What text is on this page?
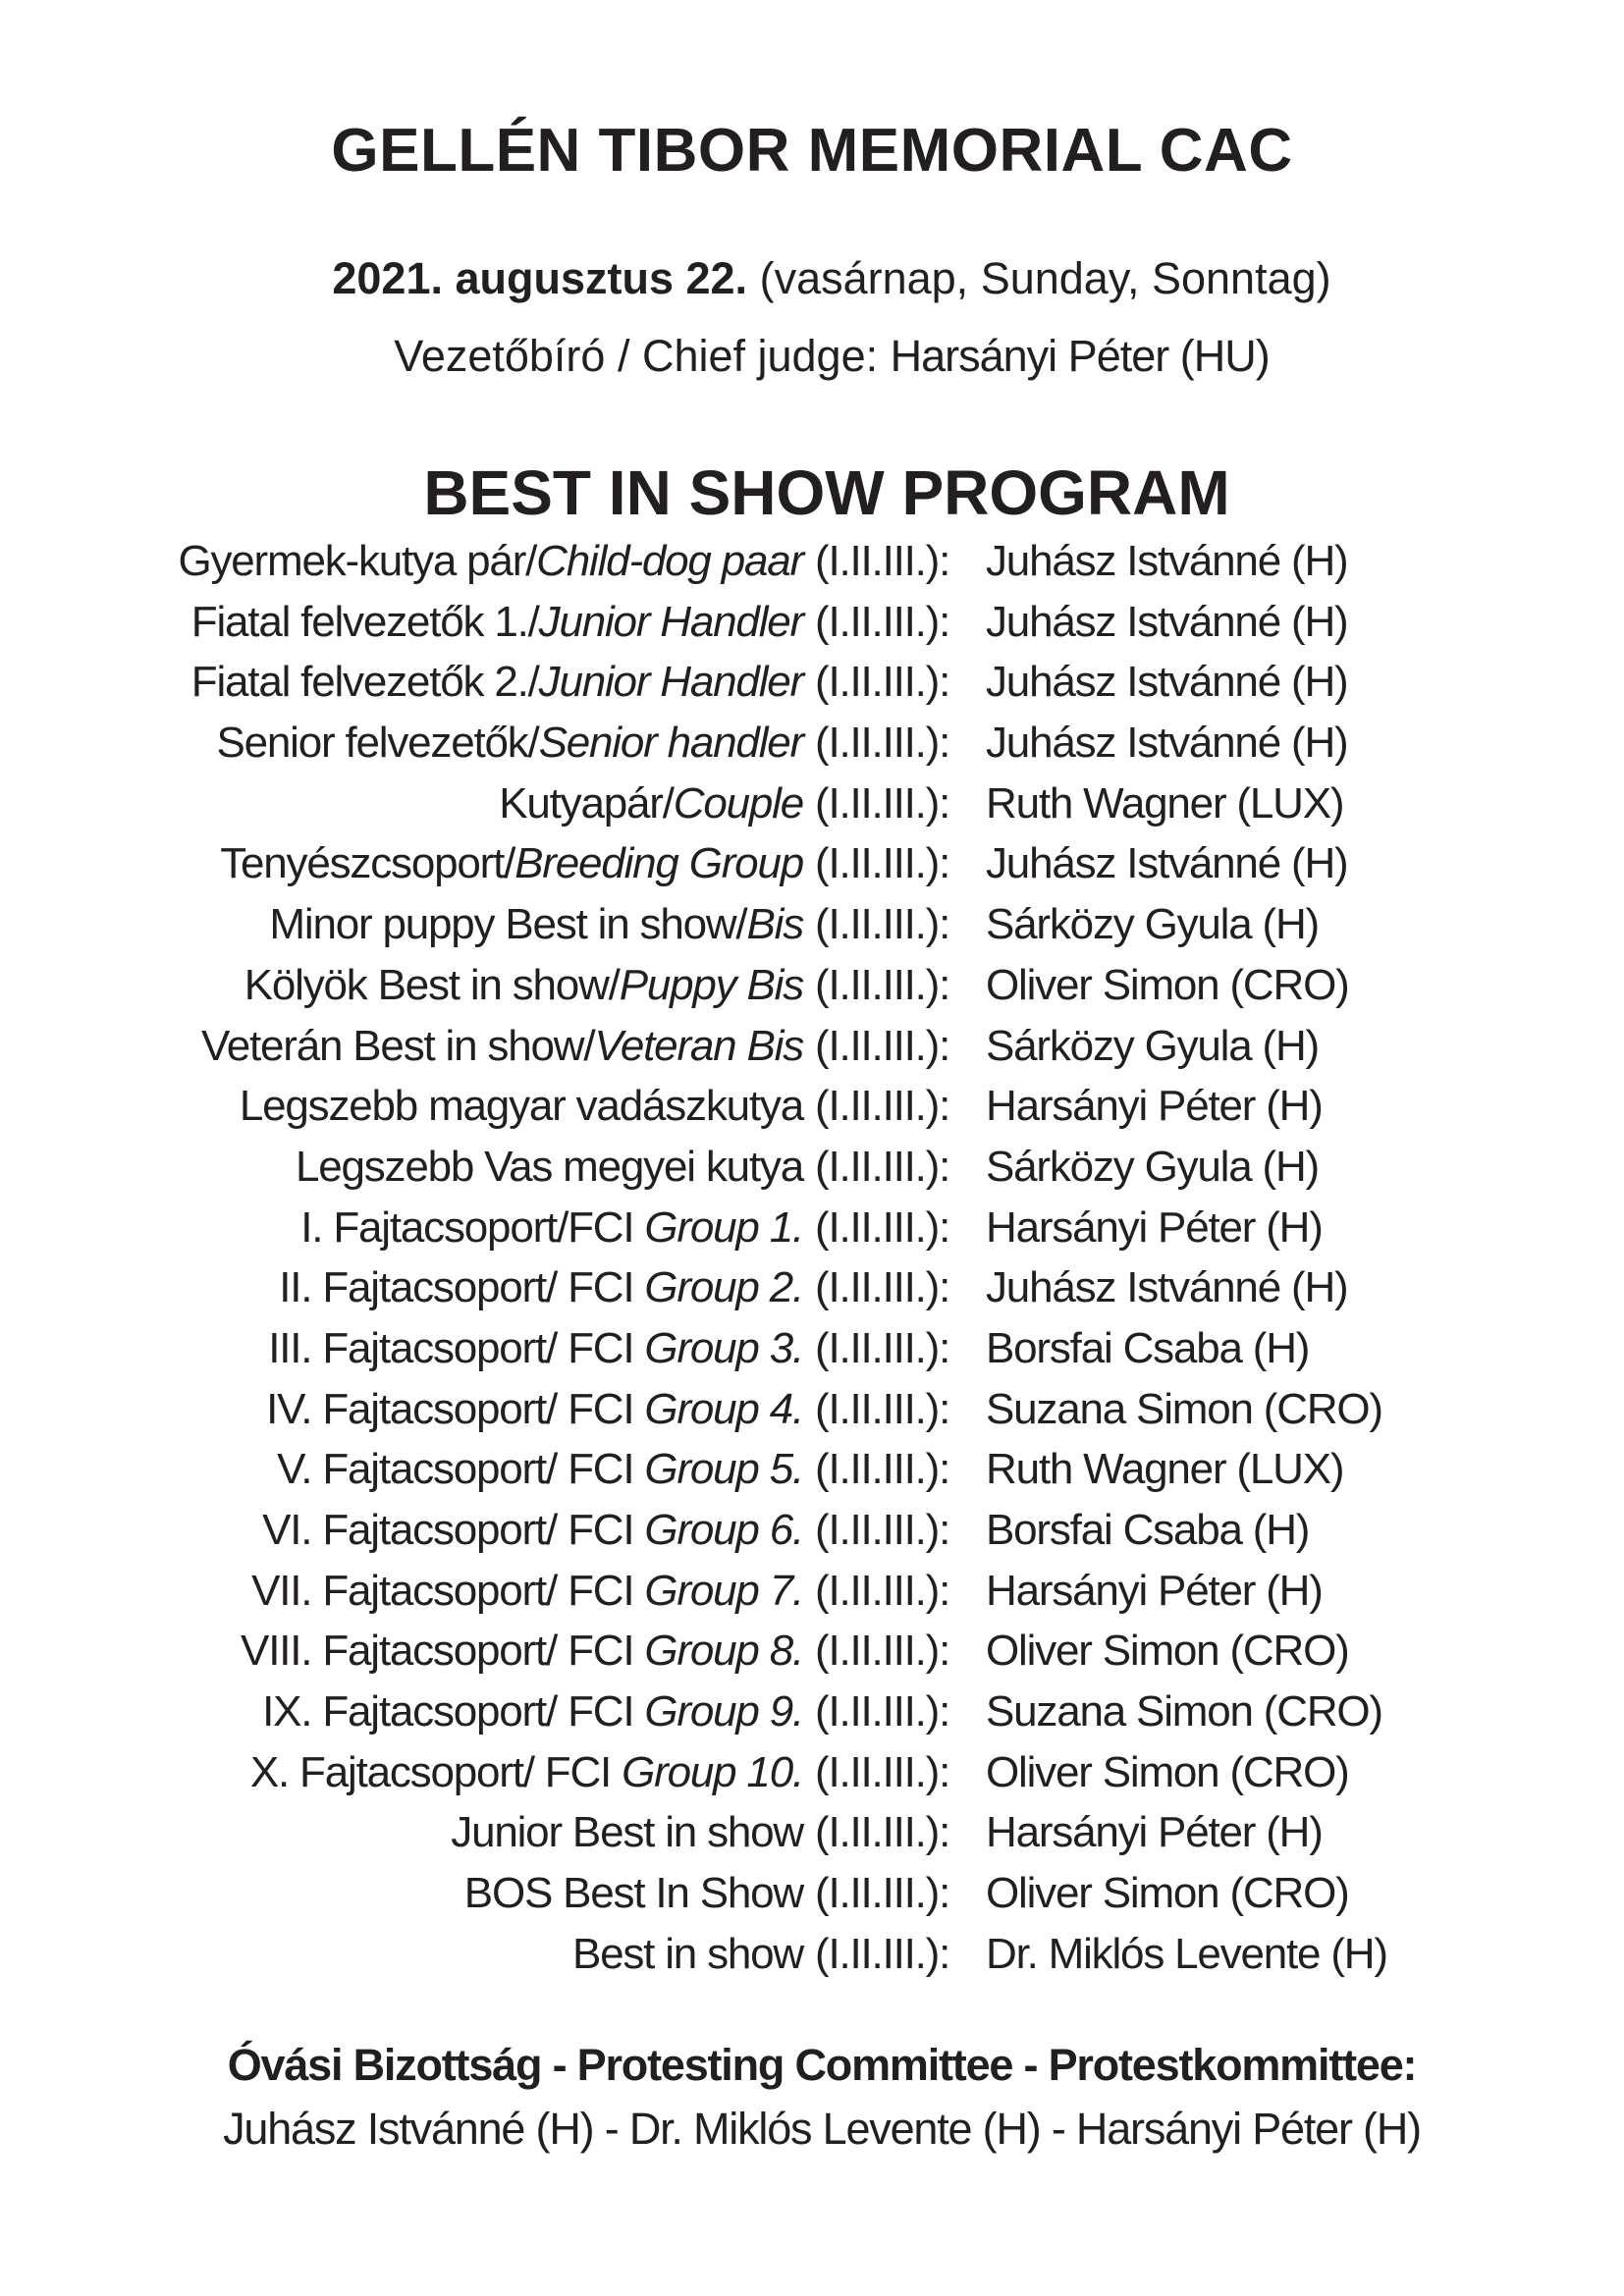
GELLÉN TIBOR MEMORIAL CAC
2021. augusztus 22. (vasárnap, Sunday, Sonntag)
Vezetőbíró / Chief judge: Harsányi Péter (HU)
BEST IN SHOW PROGRAM
Gyermek-kutya pár/Child-dog paar (I.II.III.): Juhász Istvánné (H)
Fiatal felvezetők 1./Junior Handler (I.II.III.): Juhász Istvánné (H)
Fiatal felvezetők 2./Junior Handler (I.II.III.): Juhász Istvánné (H)
Senior felvezetők/Senior handler (I.II.III.): Juhász Istvánné (H)
Kutyapár/Couple (I.II.III.): Ruth Wagner (LUX)
Tenyészcsoport/Breeding Group (I.II.III.): Juhász Istvánné (H)
Minor puppy Best in show/Bis (I.II.III.): Sárközy Gyula (H)
Kölyök Best in show/Puppy Bis (I.II.III.): Oliver Simon (CRO)
Veterán Best in show/Veteran Bis (I.II.III.): Sárközy Gyula (H)
Legszebb magyar vadászkutya (I.II.III.): Harsányi Péter (H)
Legszebb Vas megyei kutya (I.II.III.): Sárközy Gyula (H)
I. Fajtacsoport/FCI Group 1. (I.II.III.): Harsányi Péter (H)
II. Fajtacsoport/ FCI Group 2. (I.II.III.): Juhász Istvánné (H)
III. Fajtacsoport/ FCI Group 3. (I.II.III.): Borsfai Csaba (H)
IV. Fajtacsoport/ FCI Group 4. (I.II.III.): Suzana Simon (CRO)
V. Fajtacsoport/ FCI Group 5. (I.II.III.): Ruth Wagner (LUX)
VI. Fajtacsoport/ FCI Group 6. (I.II.III.): Borsfai Csaba (H)
VII. Fajtacsoport/ FCI Group 7. (I.II.III.): Harsányi Péter (H)
VIII. Fajtacsoport/ FCI Group 8. (I.II.III.): Oliver Simon (CRO)
IX. Fajtacsoport/ FCI Group 9. (I.II.III.): Suzana Simon (CRO)
X. Fajtacsoport/ FCI Group 10. (I.II.III.): Oliver Simon (CRO)
Junior Best in show (I.II.III.): Harsányi Péter (H)
BOS Best In Show (I.II.III.): Oliver Simon (CRO)
Best in show (I.II.III.): Dr. Miklós Levente (H)
Óvási Bizottság - Protesting Committee - Protestkommittee:
Juhász Istvánné (H) - Dr. Miklós Levente (H) - Harsányi Péter (H)
